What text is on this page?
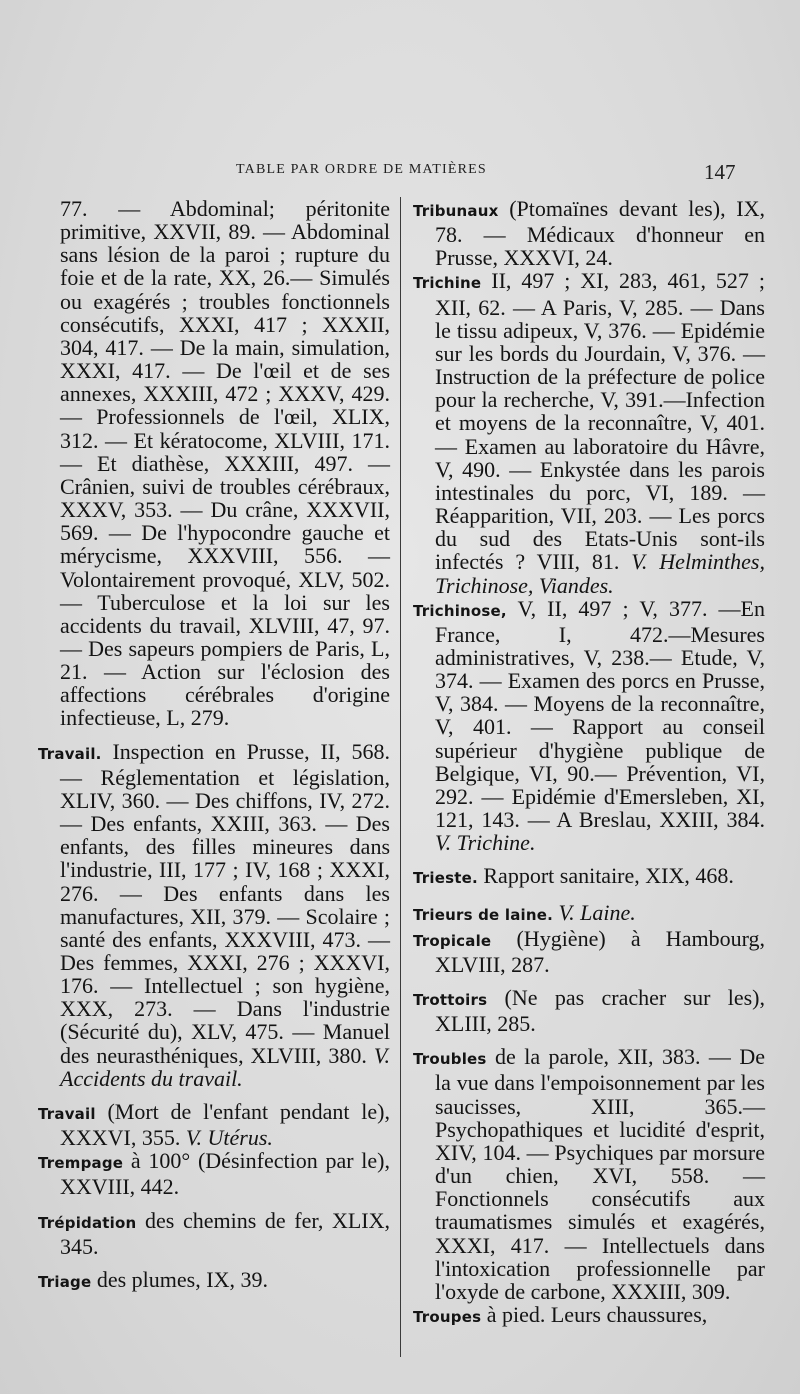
TABLE PAR ORDRE DE MATIÈRES	147

77. — Abdominal; péritonite primitive, XXVII, 89. — Abdominal sans lésion de la paroi ; rupture du foie et de la rate, XX, 26.— Simulés ou exagérés ; troubles fonctionnels consécutifs, XXXI, 417 ; XXXII, 304, 417. — De la main, simulation, XXXI, 417. — De l'œil et de ses annexes, XXXIII, 472 ; XXXV, 429. — Professionnels de l'œil, XLIX, 312. — Et kératocome, XLVIII, 171. — Et diathèse, XXXIII, 497. — Crânien, suivi de troubles cérébraux, XXXV, 353. — Du crâne, XXXVII, 569. — De l'hypocondre gauche et mérycisme, XXXVIII, 556. — Volontairement provoqué, XLV, 502. — Tuberculose et la loi sur les accidents du travail, XLVIII, 47, 97. — Des sapeurs pompiers de Paris, L, 21. — Action sur l'éclosion des affections cérébrales d'origine infectieuse, L, 279.

Travail. Inspection en Prusse, II, 568. — Réglementation et législation, XLIV, 360. — Des chiffons, IV, 272. — Des enfants, XXIII, 363. — Des enfants, des filles mineures dans l'industrie, III, 177 ; IV, 168 ; XXXI, 276. — Des enfants dans les manufactures, XII, 379. — Scolaire ; santé des enfants, XXXVIII, 473. —Des femmes, XXXI, 276 ; XXXVI, 176. — Intellectuel ; son hygiène, XXX, 273. — Dans l'industrie (Sécurité du), XLV, 475. — Manuel des neurasthéniques, XLVIII, 380. V. Accidents du travail.

Travail (Mort de l'enfant pendant le), XXXVI, 355. V. Utérus.

Trempage à 100° (Désinfection par le), XXVIII, 442.

Trépidation des chemins de fer, XLIX, 345.

Triage des plumes, IX, 39.

Tribunaux (Ptomaïnes devant les), IX, 78. — Médicaux d'honneur en Prusse, XXXVI, 24.

Trichine II, 497 ; XI, 283, 461, 527 ; XII, 62. — A Paris, V, 285. — Dans le tissu adipeux, V, 376. — Epidémie sur les bords du Jourdain, V, 376. — Instruction de la préfecture de police pour la recherche, V, 391.—Infection et moyens de la reconnaître, V, 401. — Examen au laboratoire du Hâvre, V, 490. — Enkystée dans les parois intestinales du porc, VI, 189. — Réapparition, VII, 203. — Les porcs du sud des Etats-Unis sont-ils infectés ? VIII, 81. V. Helminthes, Trichinose, Viandes.

Trichinose, V, II, 497 ; V, 377. —En France, I, 472.—Mesures administratives, V, 238.— Etude, V, 374. — Examen des porcs en Prusse, V, 384. — Moyens de la reconnaître, V, 401. — Rapport au conseil supérieur d'hygiène publique de Belgique, VI, 90.— Prévention, VI, 292. — Epidémie d'Emersleben, XI, 121, 143. — A Breslau, XXIII, 384. V. Trichine.

Trieste. Rapport sanitaire, XIX, 468.

Trieurs de laine. V. Laine.

Tropicale (Hygiène) à Hambourg, XLVIII, 287.

Trottoirs (Ne pas cracher sur les), XLIII, 285.

Troubles de la parole, XII, 383. — De la vue dans l'empoisonnement par les saucisses, XIII, 365.— Psychopathiques et lucidité d'esprit, XIV, 104. — Psychiques par morsure d'un chien, XVI, 558. — Fonctionnels consécutifs aux traumatismes simulés et exagérés, XXXI, 417. — Intellectuels dans l'intoxication professionnelle par l'oxyde de carbone, XXXIII, 309.

Troupes à pied. Leurs chaussures,
